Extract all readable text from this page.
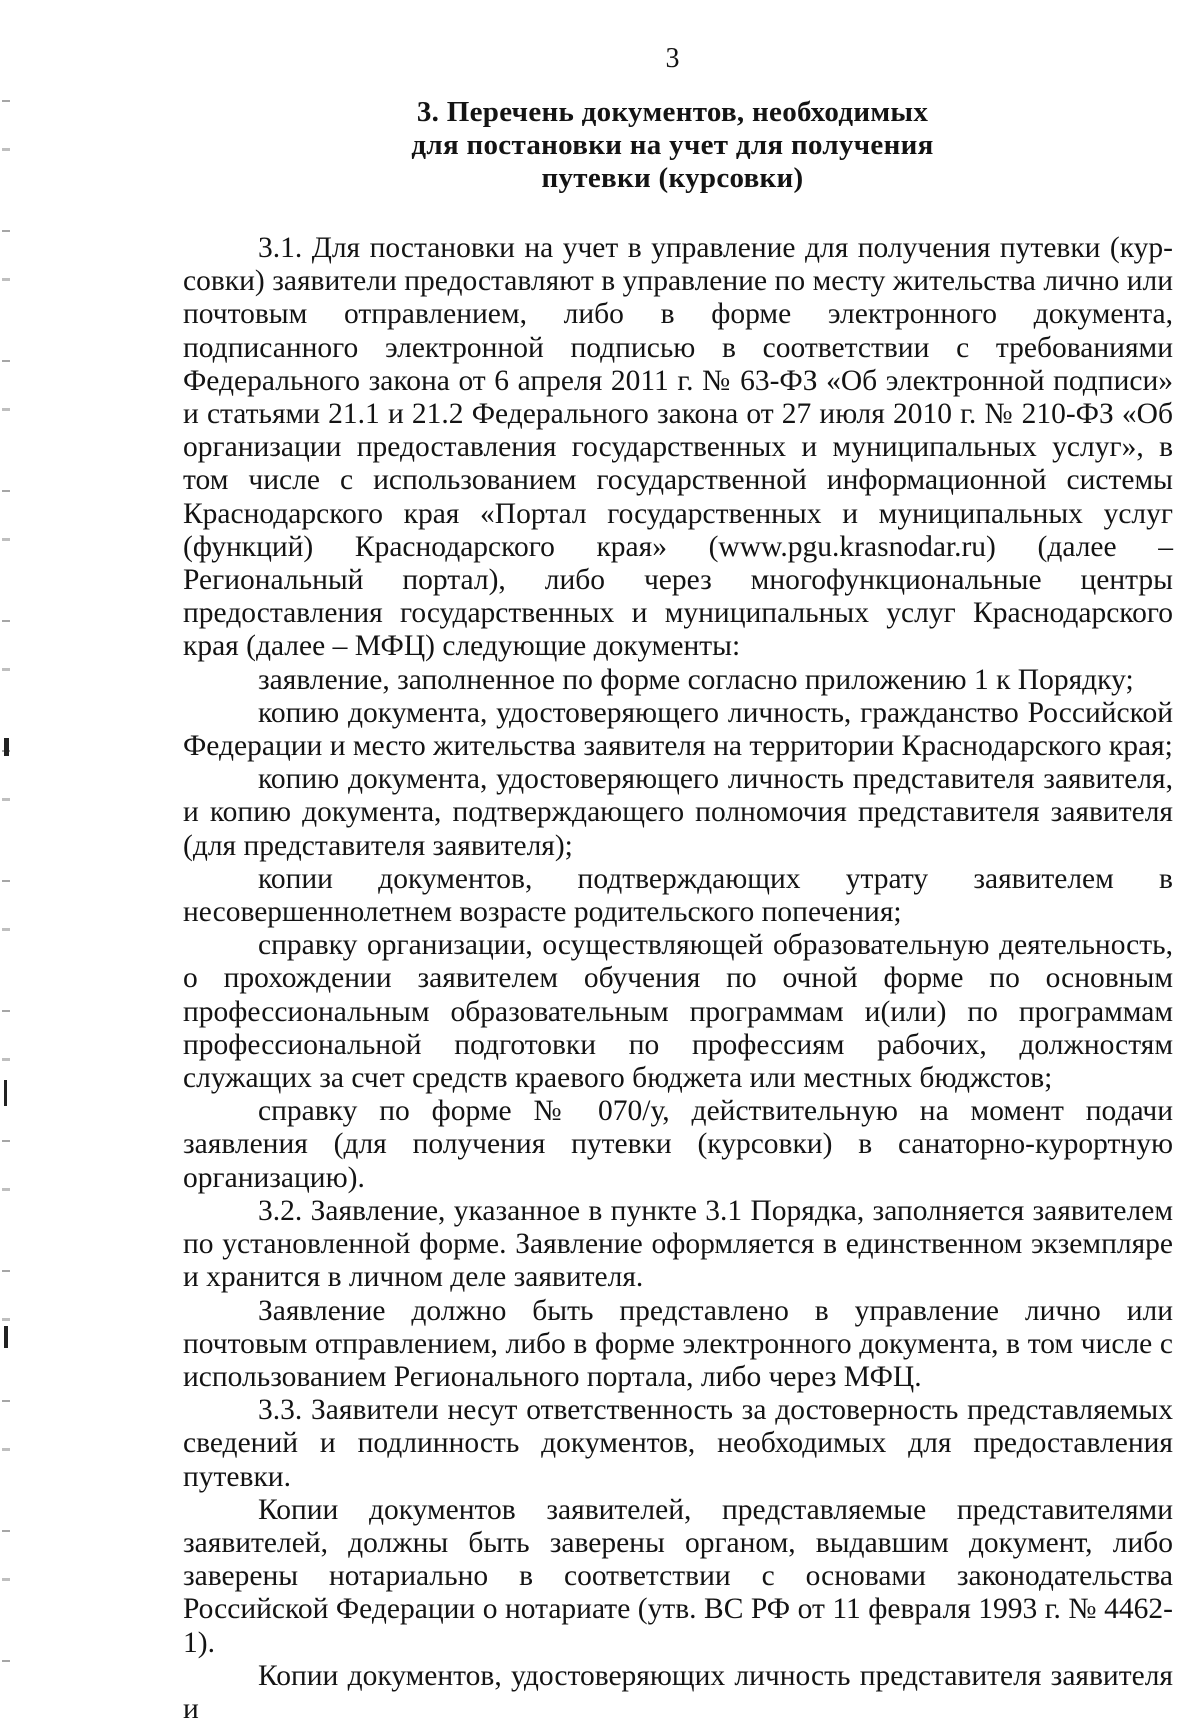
3
3. Перечень документов, необходимых
для постановки на учет для получения
путевки (курсовки)

3.1. Для постановки на учет в управление для получения путевки (курсовки) заявители предоставляют в управление по месту жительства лично или почтовым отправлением, либо в форме электронного документа, подписанного электронной подписью в соответствии с требованиями Федерального закона от 6 апреля 2011 г. № 63-ФЗ «Об электронной подписи» и статьями 21.1 и 21.2 Федерального закона от 27 июля 2010 г. № 210-ФЗ «Об организации предоставления государственных и муниципальных услуг», в том числе с использованием государственной информационной системы Краснодарского края «Портал государственных и муниципальных услуг (функций) Краснодарского края» (www.pgu.krasnodar.ru) (далее – Региональный портал), либо через многофункциональные центры предоставления государственных и муниципальных услуг Краснодарского края (далее – МФЦ) следующие документы:

заявление, заполненное по форме согласно приложению 1 к Порядку;

копию документа, удостоверяющего личность, гражданство Российской Федерации и место жительства заявителя на территории Краснодарского края;

копию документа, удостоверяющего личность представителя заявителя, и копию документа, подтверждающего полномочия представителя заявителя (для представителя заявителя);

копии документов, подтверждающих утрату заявителем в несовершеннолетнем возрасте родительского попечения;

справку организации, осуществляющей образовательную деятельность, о прохождении заявителем обучения по очной форме по основным профессиональным образовательным программам и(или) по программам профессиональной подготовки по профессиям рабочих, должностям служащих за счет средств краевого бюджета или местных бюджстов;

справку по форме № 070/у, действительную на момент подачи заявления (для получения путевки (курсовки) в санаторно-курортную организацию).

3.2. Заявление, указанное в пункте 3.1 Порядка, заполняется заявителем по установленной форме. Заявление оформляется в единственном экземпляре и хранится в личном деле заявителя.

Заявление должно быть представлено в управление лично или почтовым отправлением, либо в форме электронного документа, в том числе с использованием Регионального портала, либо через МФЦ.

3.3. Заявители несут ответственность за достоверность представляемых сведений и подлинность документов, необходимых для предоставления путевки.

Копии документов заявителей, представляемые представителями заявителей, должны быть заверены органом, выдавшим документ, либо заверены нотариально в соответствии с основами законодательства Российской Федерации о нотариате (утв. ВС РФ от 11 февраля 1993 г. № 4462-1).

Копии документов, удостоверяющих личность представителя заявителя и
